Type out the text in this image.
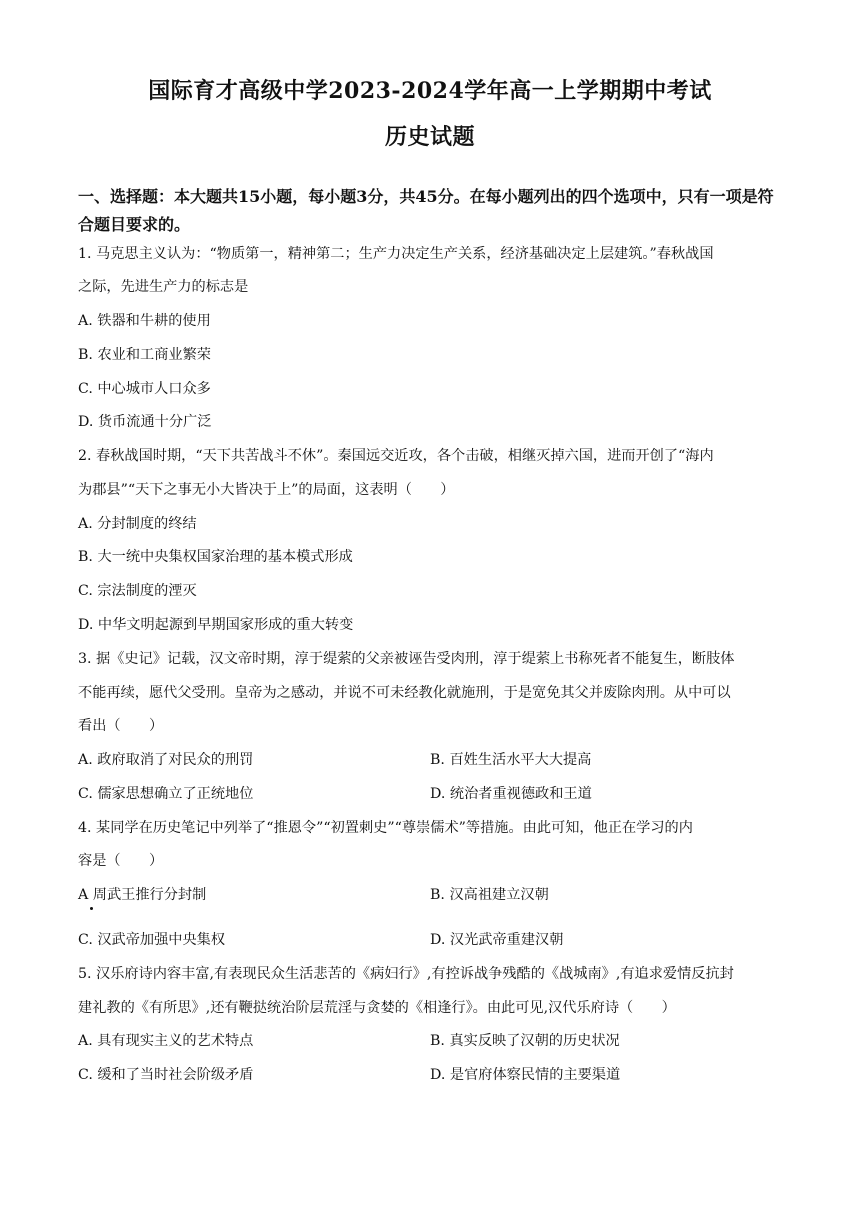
国际育才高级中学2023-2024学年高一上学期期中考试
历史试题
一、选择题：本大题共15小题，每小题3分，共45分。在每小题列出的四个选项中，只有一项是符合题目要求的。
1. 马克思主义认为：“物质第一，精神第二；生产力决定生产关系，经济基础决定上层建筑。”春秋战国
之际，先进生产力的标志是
A. 铁器和牛耕的使用
B. 农业和工商业繁荣
C. 中心城市人口众多
D. 货币流通十分广泛
2. 春秋战国时期，“天下共苦战斗不休”。秦国远交近攻，各个击破，相继灭掉六国，进而开创了“海内
为郡县”“天下之事无小大皆决于上”的局面，这表明（　　）
A. 分封制度的终结
B. 大一统中央集权国家治理的基本模式形成
C. 宗法制度的湮灭
D. 中华文明起源到早期国家形成的重大转变
3. 据《史记》记载，汉文帝时期，淳于缇萦的父亲被诬告受肉刑，淳于缇萦上书称死者不能复生，断肢体
不能再续，愿代父受刑。皇帝为之感动，并说不可未经教化就施刑，于是宽免其父并废除肉刑。从中可以
看出（　　）
A. 政府取消了对民众的刑罚	B. 百姓生活水平大大提高
C. 儒家思想确立了正统地位	D. 统治者重视德政和王道
4. 某同学在历史笔记中列举了“推恩令”“初置刺史”“尊崇儒术”等措施。由此可知，他正在学习的内
容是（　　）
A 周武王推行分封制	B. 汉高祖建立汉朝
C. 汉武帝加强中央集权	D. 汉光武帝重建汉朝
5. 汉乐府诗内容丰富,有表现民众生活悲苦的《病妇行》,有控诉战争残酷的《战城南》,有追求爱情反抗封
建礼教的《有所思》,还有鞭挞统治阶层荒淫与贪婪的《相逢行》。由此可见,汉代乐府诗（　　）
A. 具有现实主义的艺术特点	B. 真实反映了汉朝的历史状况
C. 缓和了当时社会阶级矛盾	D. 是官府体察民情的主要渠道
